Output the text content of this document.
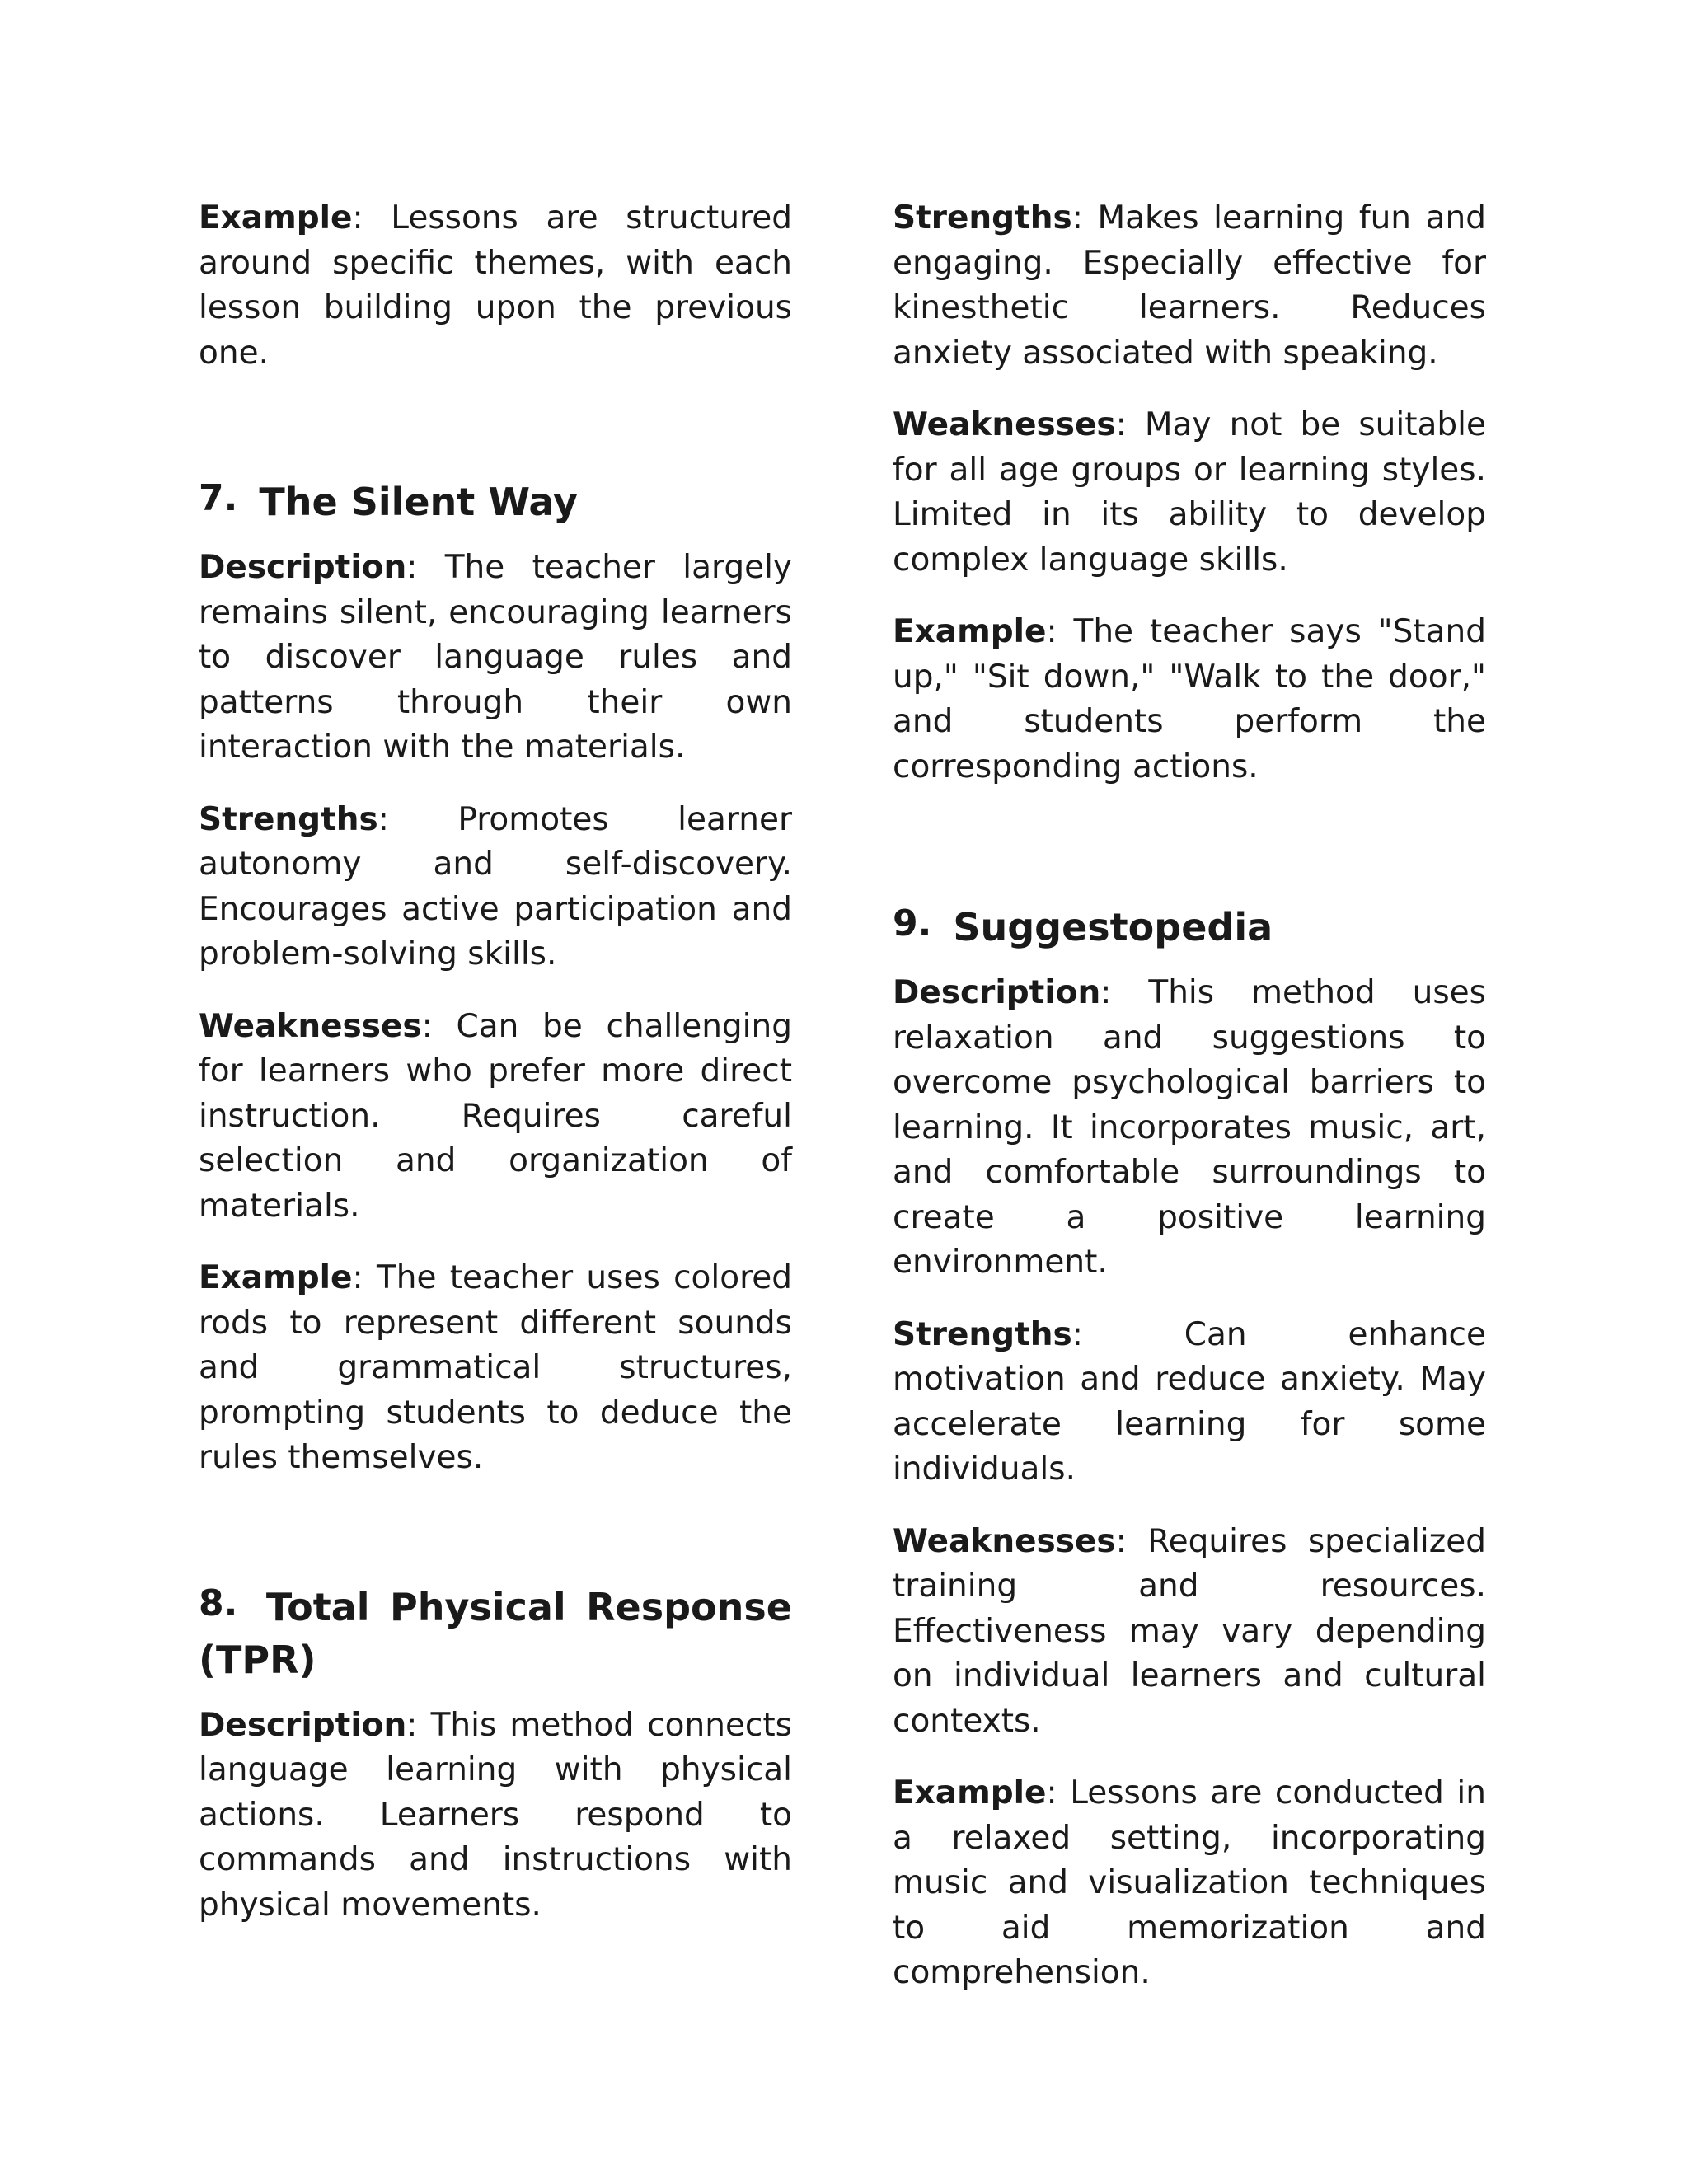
Example: Lessons are structured around specific themes, with each lesson building upon the previous one.

7. The Silent Way

Description: The teacher largely remains silent, encouraging learners to discover language rules and patterns through their own interaction with the materials.

Strengths: Promotes learner autonomy and self-discovery. Encourages active participation and problem-solving skills.

Weaknesses: Can be challenging for learners who prefer more direct instruction. Requires careful selection and organization of materials.

Example: The teacher uses colored rods to represent different sounds and grammatical structures, prompting students to deduce the rules themselves.

8. Total Physical Response (TPR)

Description: This method connects language learning with physical actions. Learners respond to commands and instructions with physical movements.

Strengths: Makes learning fun and engaging. Especially effective for kinesthetic learners. Reduces anxiety associated with speaking.

Weaknesses: May not be suitable for all age groups or learning styles. Limited in its ability to develop complex language skills.

Example: The teacher says "Stand up," "Sit down," "Walk to the door," and students perform the corresponding actions.

9. Suggestopedia

Description: This method uses relaxation and suggestions to overcome psychological barriers to learning. It incorporates music, art, and comfortable surroundings to create a positive learning environment.

Strengths: Can enhance motivation and reduce anxiety. May accelerate learning for some individuals.

Weaknesses: Requires specialized training and resources. Effectiveness may vary depending on individual learners and cultural contexts.

Example: Lessons are conducted in a relaxed setting, incorporating music and visualization techniques to aid memorization and comprehension.
